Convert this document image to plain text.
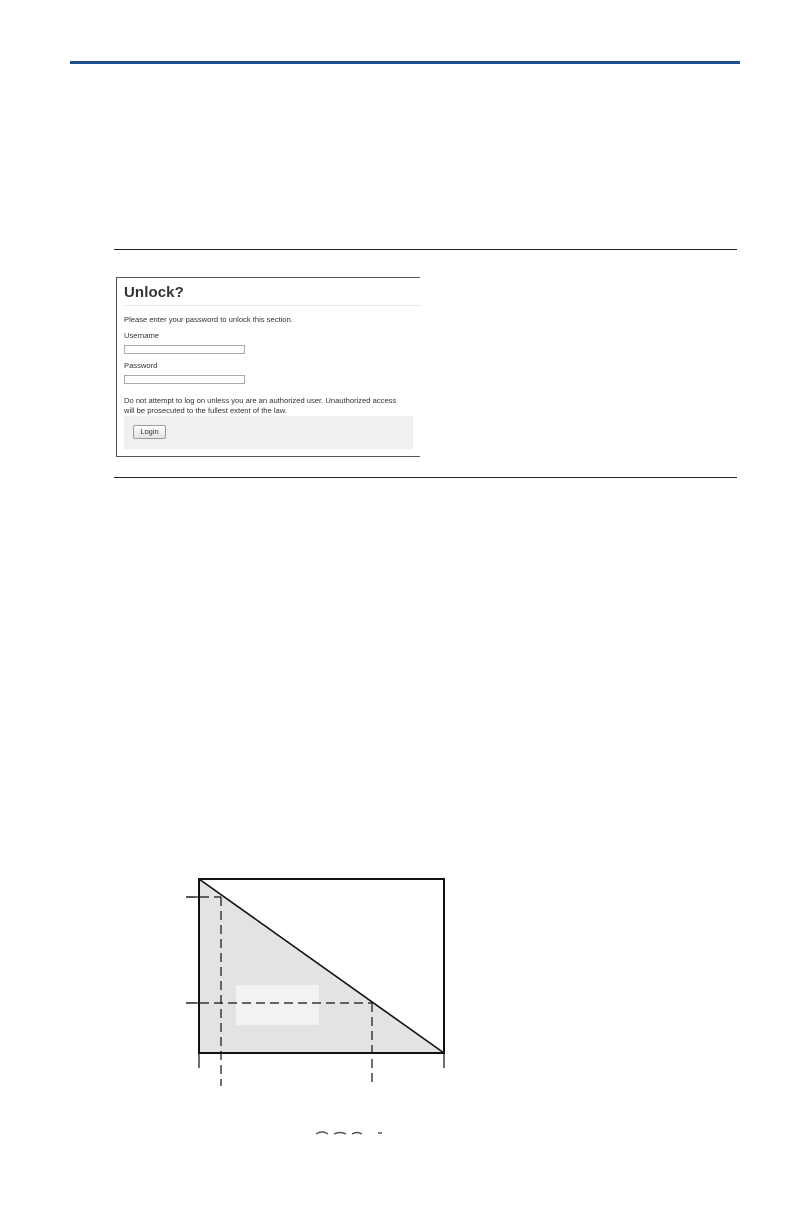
Unlock?
Please enter your password to unlock this section.
Username
Password
Do not attempt to log on unless you are an authorized user. Unauthorized access
will be prosecuted to the fullest extent of the law.
Login
